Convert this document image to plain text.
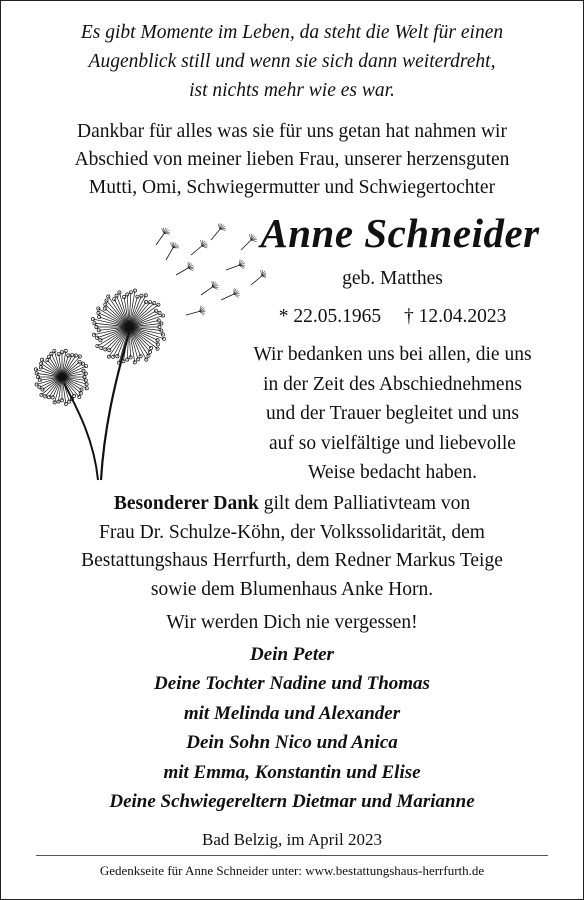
Es gibt Momente im Leben, da steht die Welt für einen

Augenblick still und wenn sie sich dann weiterdreht,

ist nichts mehr wie es war.

Dankbar für alles was sie für uns getan hat nahmen wir

Abschied von meiner lieben Frau, unserer herzensguten

Mutti, Omi, Schwiegermutter und Schwiegertochter

Anne Schneider
geb. Matthes
* 22.05.1965 † 12.04.2023

Wir bedanken uns bei allen, die uns

in der Zeit des Abschiednehmens

und der Trauer begleitet und uns

auf so vielfältige und liebevolle

Weise bedacht haben.

Besonderer Dank gilt dem Palliativteam von

Frau Dr. Schulze-Köhn, der Volkssolidarität, dem

Bestattungshaus Herrfurth, dem Redner Markus Teige

sowie dem Blumenhaus Anke Horn.

Wir werden Dich nie vergessen!

Dein Peter

Deine Tochter Nadine und Thomas

mit Melinda und Alexander

Dein Sohn Nico und Anica

mit Emma, Konstantin und Elise

Deine Schwiegereltern Dietmar und Marianne

Bad Belzig, im April 2023
Gedenkseite für Anne Schneider unter: www.bestattungshaus-herrfurth.de
